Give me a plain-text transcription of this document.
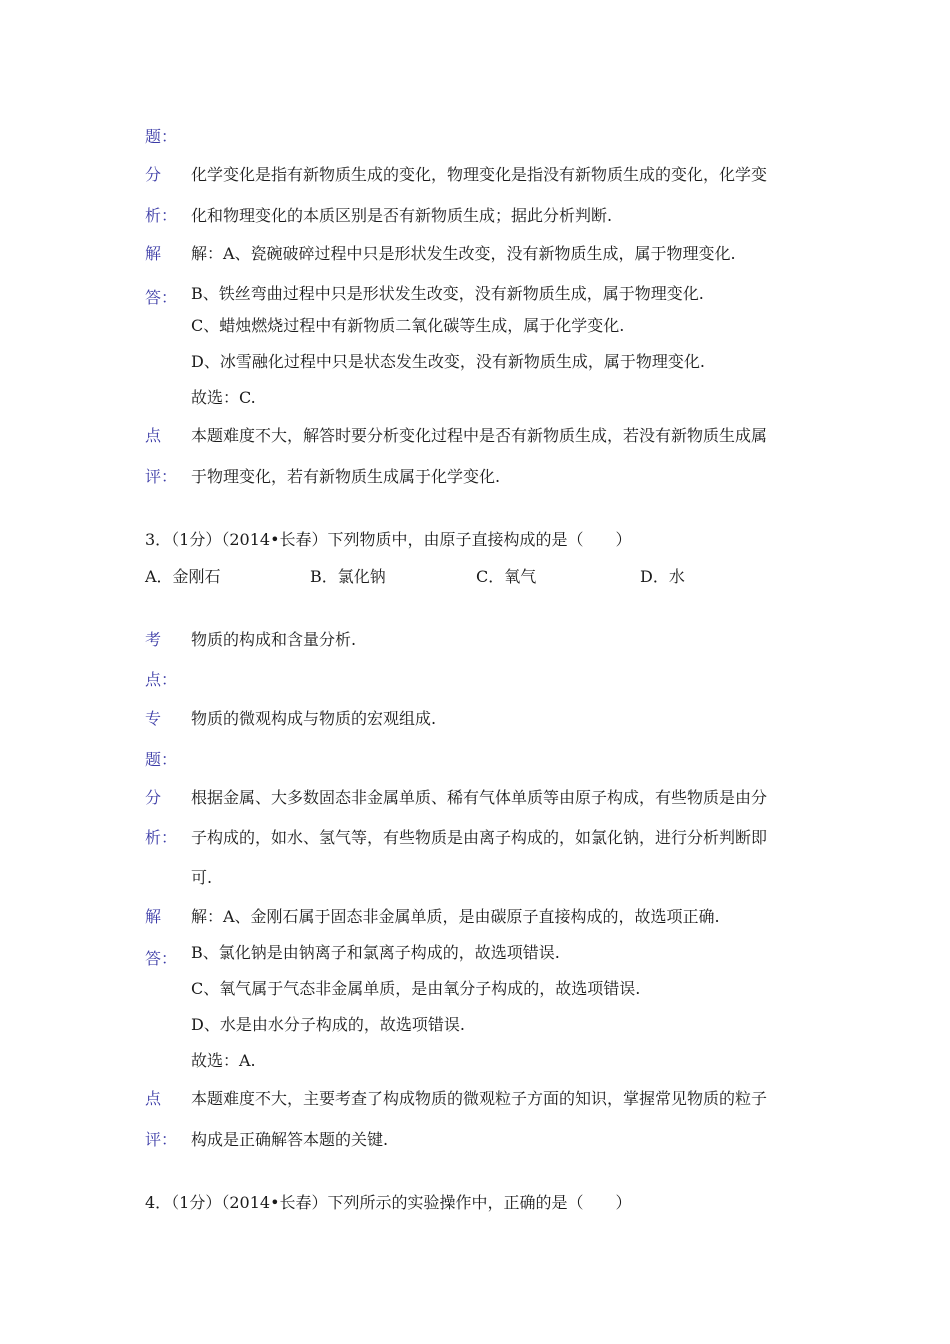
题：
分 化学变化是指有新物质生成的变化，物理变化是指没有新物质生成的变化，化学变
析： 化和物理变化的本质区别是否有新物质生成；据此分析判断.
解 解：A、瓷碗破碎过程中只是形状发生改变，没有新物质生成，属于物理变化.
答： B、铁丝弯曲过程中只是形状发生改变，没有新物质生成，属于物理变化.
C、蜡烛燃烧过程中有新物质二氧化碳等生成，属于化学变化.
D、冰雪融化过程中只是状态发生改变，没有新物质生成，属于物理变化.
故选：C.
点 本题难度不大，解答时要分析变化过程中是否有新物质生成，若没有新物质生成属
评： 于物理变化，若有新物质生成属于化学变化.
3．（1分）（2014•长春）下列物质中，由原子直接构成的是（　　）
A．金刚石	B．氯化钠	C．氧气	D．水
考 物质的构成和含量分析.
点：
专 物质的微观构成与物质的宏观组成.
题：
分 根据金属、大多数固态非金属单质、稀有气体单质等由原子构成，有些物质是由分
析： 子构成的，如水、氢气等，有些物质是由离子构成的，如氯化钠，进行分析判断即
可.
解 解：A、金刚石属于固态非金属单质，是由碳原子直接构成的，故选项正确.
答： B、氯化钠是由钠离子和氯离子构成的，故选项错误.
C、氧气属于气态非金属单质，是由氧分子构成的，故选项错误.
D、水是由水分子构成的，故选项错误.
故选：A.
点 本题难度不大，主要考查了构成物质的微观粒子方面的知识，掌握常见物质的粒子
评： 构成是正确解答本题的关键.
4．（1分）（2014•长春）下列所示的实验操作中，正确的是（　　）
